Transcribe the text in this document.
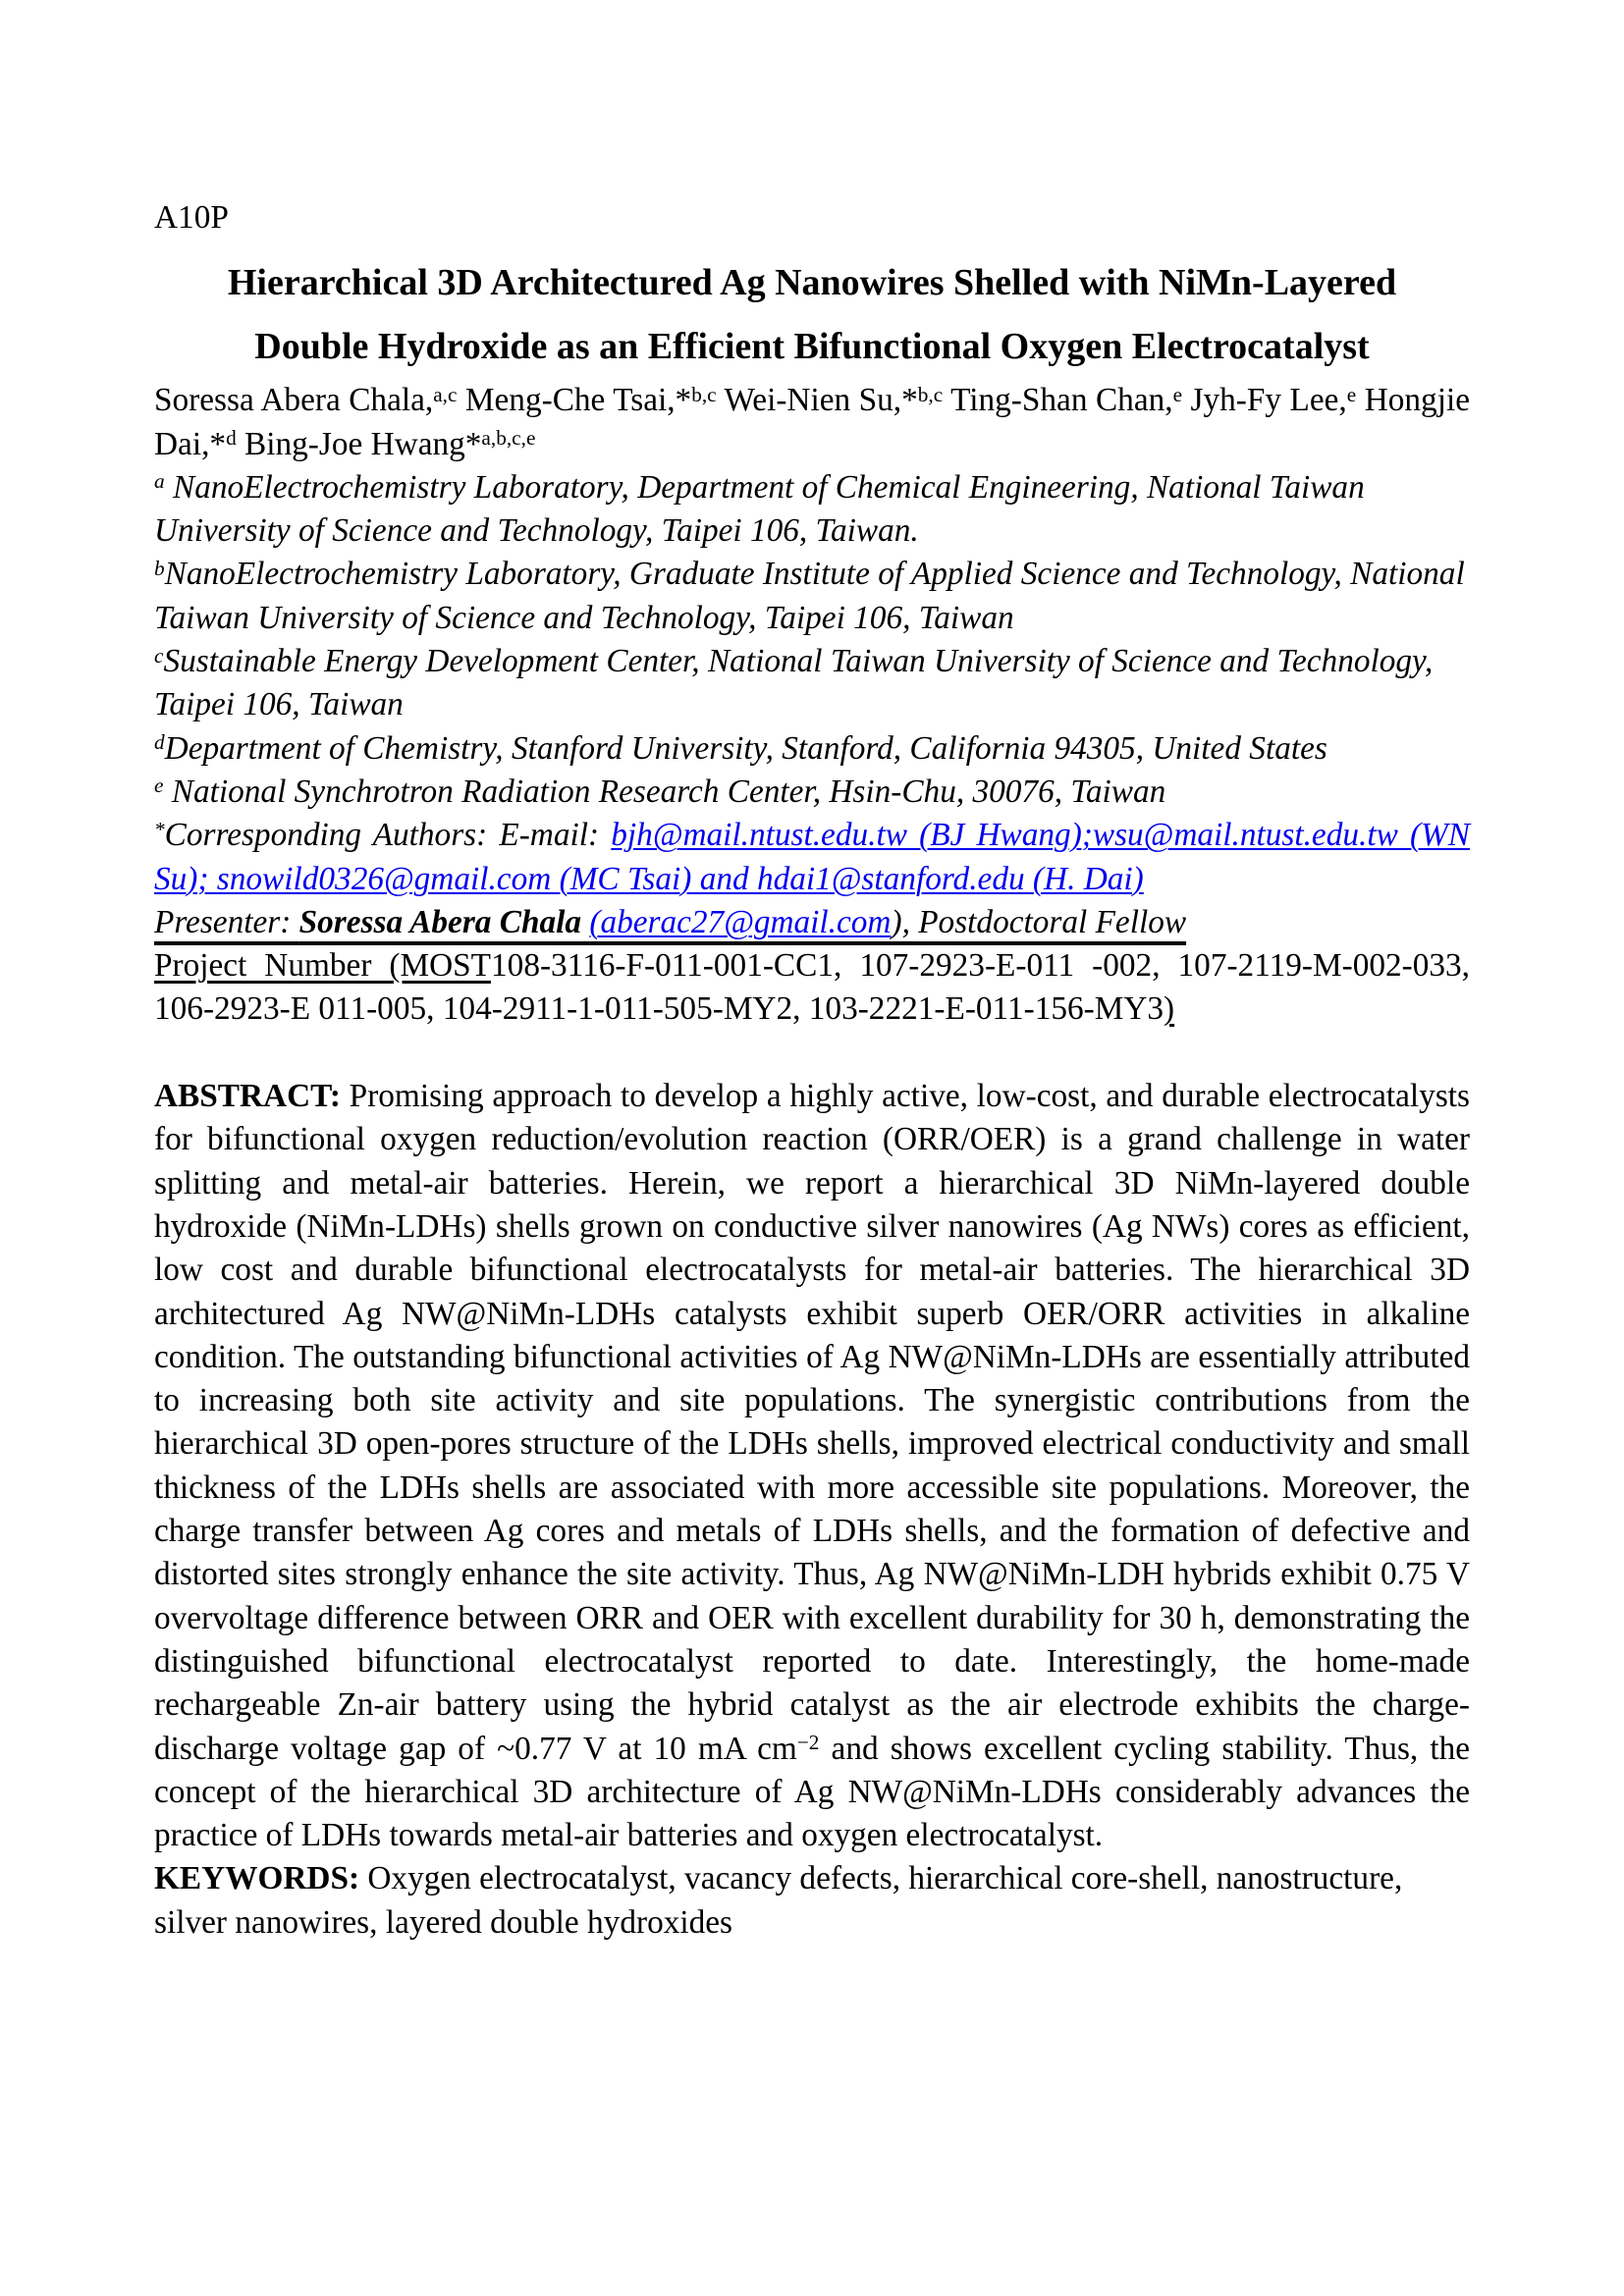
A10P

Hierarchical 3D Architectured Ag Nanowires Shelled with NiMn-Layered
Double Hydroxide as an Efficient Bifunctional Oxygen Electrocatalyst

Soressa Abera Chala,$^{a,c}$ Meng-Che Tsai,*$^{b,c}$ Wei-Nien Su,*$^{b,c}$ Ting-Shan Chan,$^e$ Jyh-Fy Lee,$^e$ Hongjie Dai,*$^d$ Bing-Joe Hwang*$^{a,b,c,e}$

$^a$ NanoElectrochemistry Laboratory, Department of Chemical Engineering, National Taiwan University of Science and Technology, Taipei 106, Taiwan.

$^b$NanoElectrochemistry Laboratory, Graduate Institute of Applied Science and Technology, National Taiwan University of Science and Technology, Taipei 106, Taiwan

$^c$Sustainable Energy Development Center, National Taiwan University of Science and Technology, Taipei 106, Taiwan

$^d$Department of Chemistry, Stanford University, Stanford, California 94305, United States

$^e$ National Synchrotron Radiation Research Center, Hsin-Chu, 30076, Taiwan

*Corresponding Authors: E-mail: bjh@mail.ntust.edu.tw (BJ Hwang);wsu@mail.ntust.edu.tw (WN Su); snowild0326@gmail.com (MC Tsai) and hdai1@stanford.edu (H. Dai)

Presenter: Soressa Abera Chala (aberac27@gmail.com), Postdoctoral Fellow

Project Number (MOST108-3116-F-011-001-CC1, 107-2923-E-011 -002, 107-2119-M-002-033, 106-2923-E 011-005, 104-2911-1-011-505-MY2, 103-2221-E-011-156-MY3)

ABSTRACT: Promising approach to develop a highly active, low-cost, and durable electrocatalysts for bifunctional oxygen reduction/evolution reaction (ORR/OER) is a grand challenge in water splitting and metal-air batteries. Herein, we report a hierarchical 3D NiMn-layered double hydroxide (NiMn-LDHs) shells grown on conductive silver nanowires (Ag NWs) cores as efficient, low cost and durable bifunctional electrocatalysts for metal-air batteries. The hierarchical 3D architectured Ag NW@NiMn-LDHs catalysts exhibit superb OER/ORR activities in alkaline condition. The outstanding bifunctional activities of Ag NW@NiMn-LDHs are essentially attributed to increasing both site activity and site populations. The synergistic contributions from the hierarchical 3D open-pores structure of the LDHs shells, improved electrical conductivity and small thickness of the LDHs shells are associated with more accessible site populations. Moreover, the charge transfer between Ag cores and metals of LDHs shells, and the formation of defective and distorted sites strongly enhance the site activity. Thus, Ag NW@NiMn-LDH hybrids exhibit 0.75 V overvoltage difference between ORR and OER with excellent durability for 30 h, demonstrating the distinguished bifunctional electrocatalyst reported to date. Interestingly, the home-made rechargeable Zn-air battery using the hybrid catalyst as the air electrode exhibits the charge-discharge voltage gap of ~0.77 V at 10 mA $cm^{-2}$ and shows excellent cycling stability. Thus, the concept of the hierarchical 3D architecture of Ag NW@NiMn-LDHs considerably advances the practice of LDHs towards metal-air batteries and oxygen electrocatalyst.

KEYWORDS: Oxygen electrocatalyst, vacancy defects, hierarchical core-shell, nanostructure, silver nanowires, layered double hydroxides
